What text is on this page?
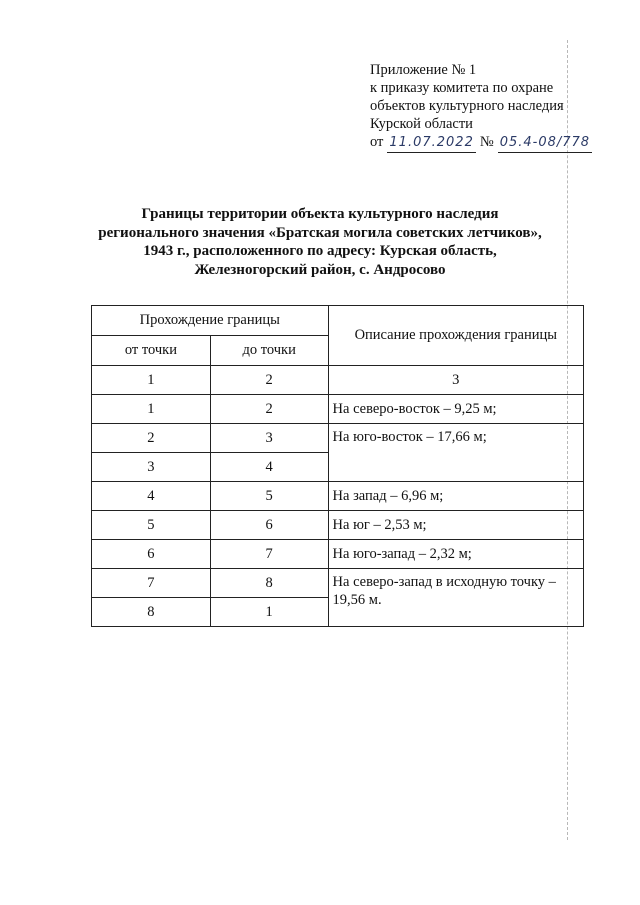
Приложение № 1
к приказу комитета по охране
объектов культурного наследия
Курской области
от 11.07.2022 № 05.4-08/778
Границы территории объекта культурного наследия
регионального значения «Братская могила советских летчиков»,
1943 г., расположенного по адресу: Курская область,
Железногорский район, с. Андросово
Прохождение границы		Описание прохождения границы
от точки	до точки	
1	2	3
1	2	На северо-восток – 9,25 м;
2	3	На юго-восток – 17,66 м;
3	4	
4	5	На запад – 6,96 м;
5	6	На юг – 2,53 м;
6	7	На юго-запад – 2,32 м;
7	8	На северо-запад в исходную точку – 19,56 м.
8	1	
